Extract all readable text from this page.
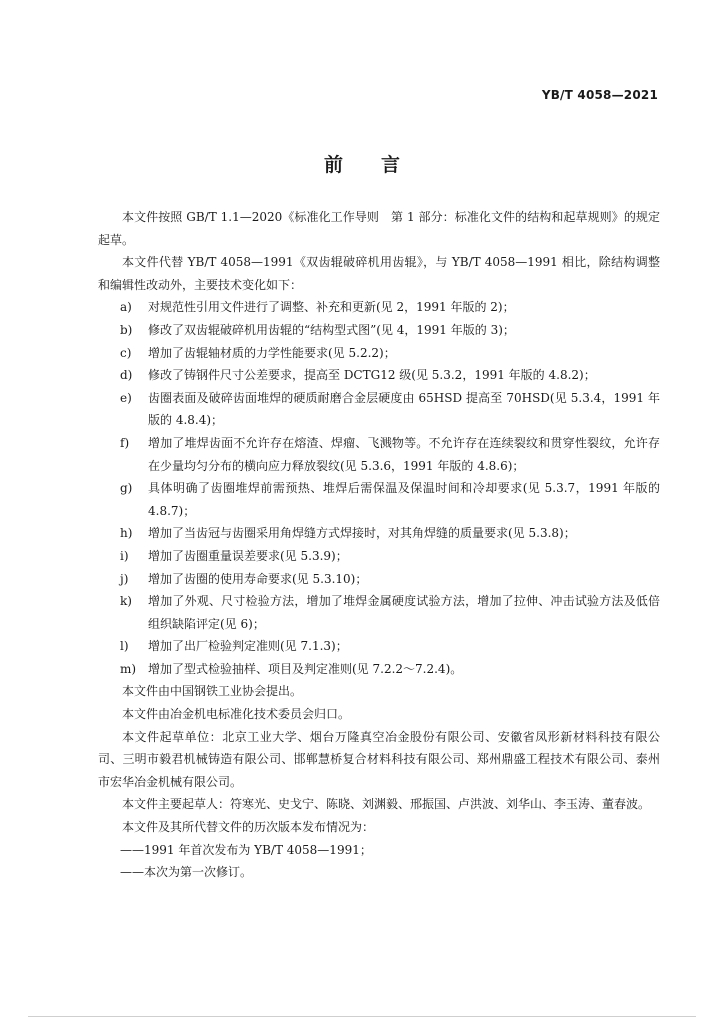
YB/T 4058—2021
前言

本文件按照 GB/T 1.1—2020《标准化工作导则　第 1 部分：标准化文件的结构和起草规则》的规定起草。

本文件代替 YB/T 4058—1991《双齿辊破碎机用齿辊》，与 YB/T 4058—1991 相比，除结构调整和编辑性改动外，主要技术变化如下：

a)	对规范性引用文件进行了调整、补充和更新(见 2，1991 年版的 2)；
b)	修改了双齿辊破碎机用齿辊的“结构型式图”(见 4，1991 年版的 3)；
c)	增加了齿辊轴材质的力学性能要求(见 5.2.2)；
d)	修改了铸钢件尺寸公差要求，提高至 DCTG12 级(见 5.3.2，1991 年版的 4.8.2)；
e)	齿圈表面及破碎齿面堆焊的硬质耐磨合金层硬度由 65HSD 提高至 70HSD(见 5.3.4，1991 年版的 4.8.4)；
f)	增加了堆焊齿面不允许存在熔渣、焊瘤、飞溅物等。不允许存在连续裂纹和贯穿性裂纹，允许存在少量均匀分布的横向应力释放裂纹(见 5.3.6，1991 年版的 4.8.6)；
g)	具体明确了齿圈堆焊前需预热、堆焊后需保温及保温时间和冷却要求(见 5.3.7，1991 年版的 4.8.7)；
h)	增加了当齿冠与齿圈采用角焊缝方式焊接时，对其角焊缝的质量要求(见 5.3.8)；
i)	增加了齿圈重量误差要求(见 5.3.9)；
j)	增加了齿圈的使用寿命要求(见 5.3.10)；
k)	增加了外观、尺寸检验方法，增加了堆焊金属硬度试验方法，增加了拉伸、冲击试验方法及低倍组织缺陷评定(见 6)；
l)	增加了出厂检验判定准则(见 7.1.3)；
m) 增加了型式检验抽样、项目及判定准则(见 7.2.2～7.2.4)。

本文件由中国钢铁工业协会提出。

本文件由冶金机电标准化技术委员会归口。

本文件起草单位：北京工业大学、烟台万隆真空冶金股份有限公司、安徽省凤形新材料科技有限公司、三明市毅君机械铸造有限公司、邯郸慧桥复合材料科技有限公司、郑州鼎盛工程技术有限公司、泰州市宏华冶金机械有限公司。

本文件主要起草人：符寒光、史戈宁、陈晓、刘渊毅、邢振国、卢洪波、刘华山、李玉涛、董春波。

本文件及其所代替文件的历次版本发布情况为：

——1991 年首次发布为 YB/T 4058—1991；

——本次为第一次修订。
